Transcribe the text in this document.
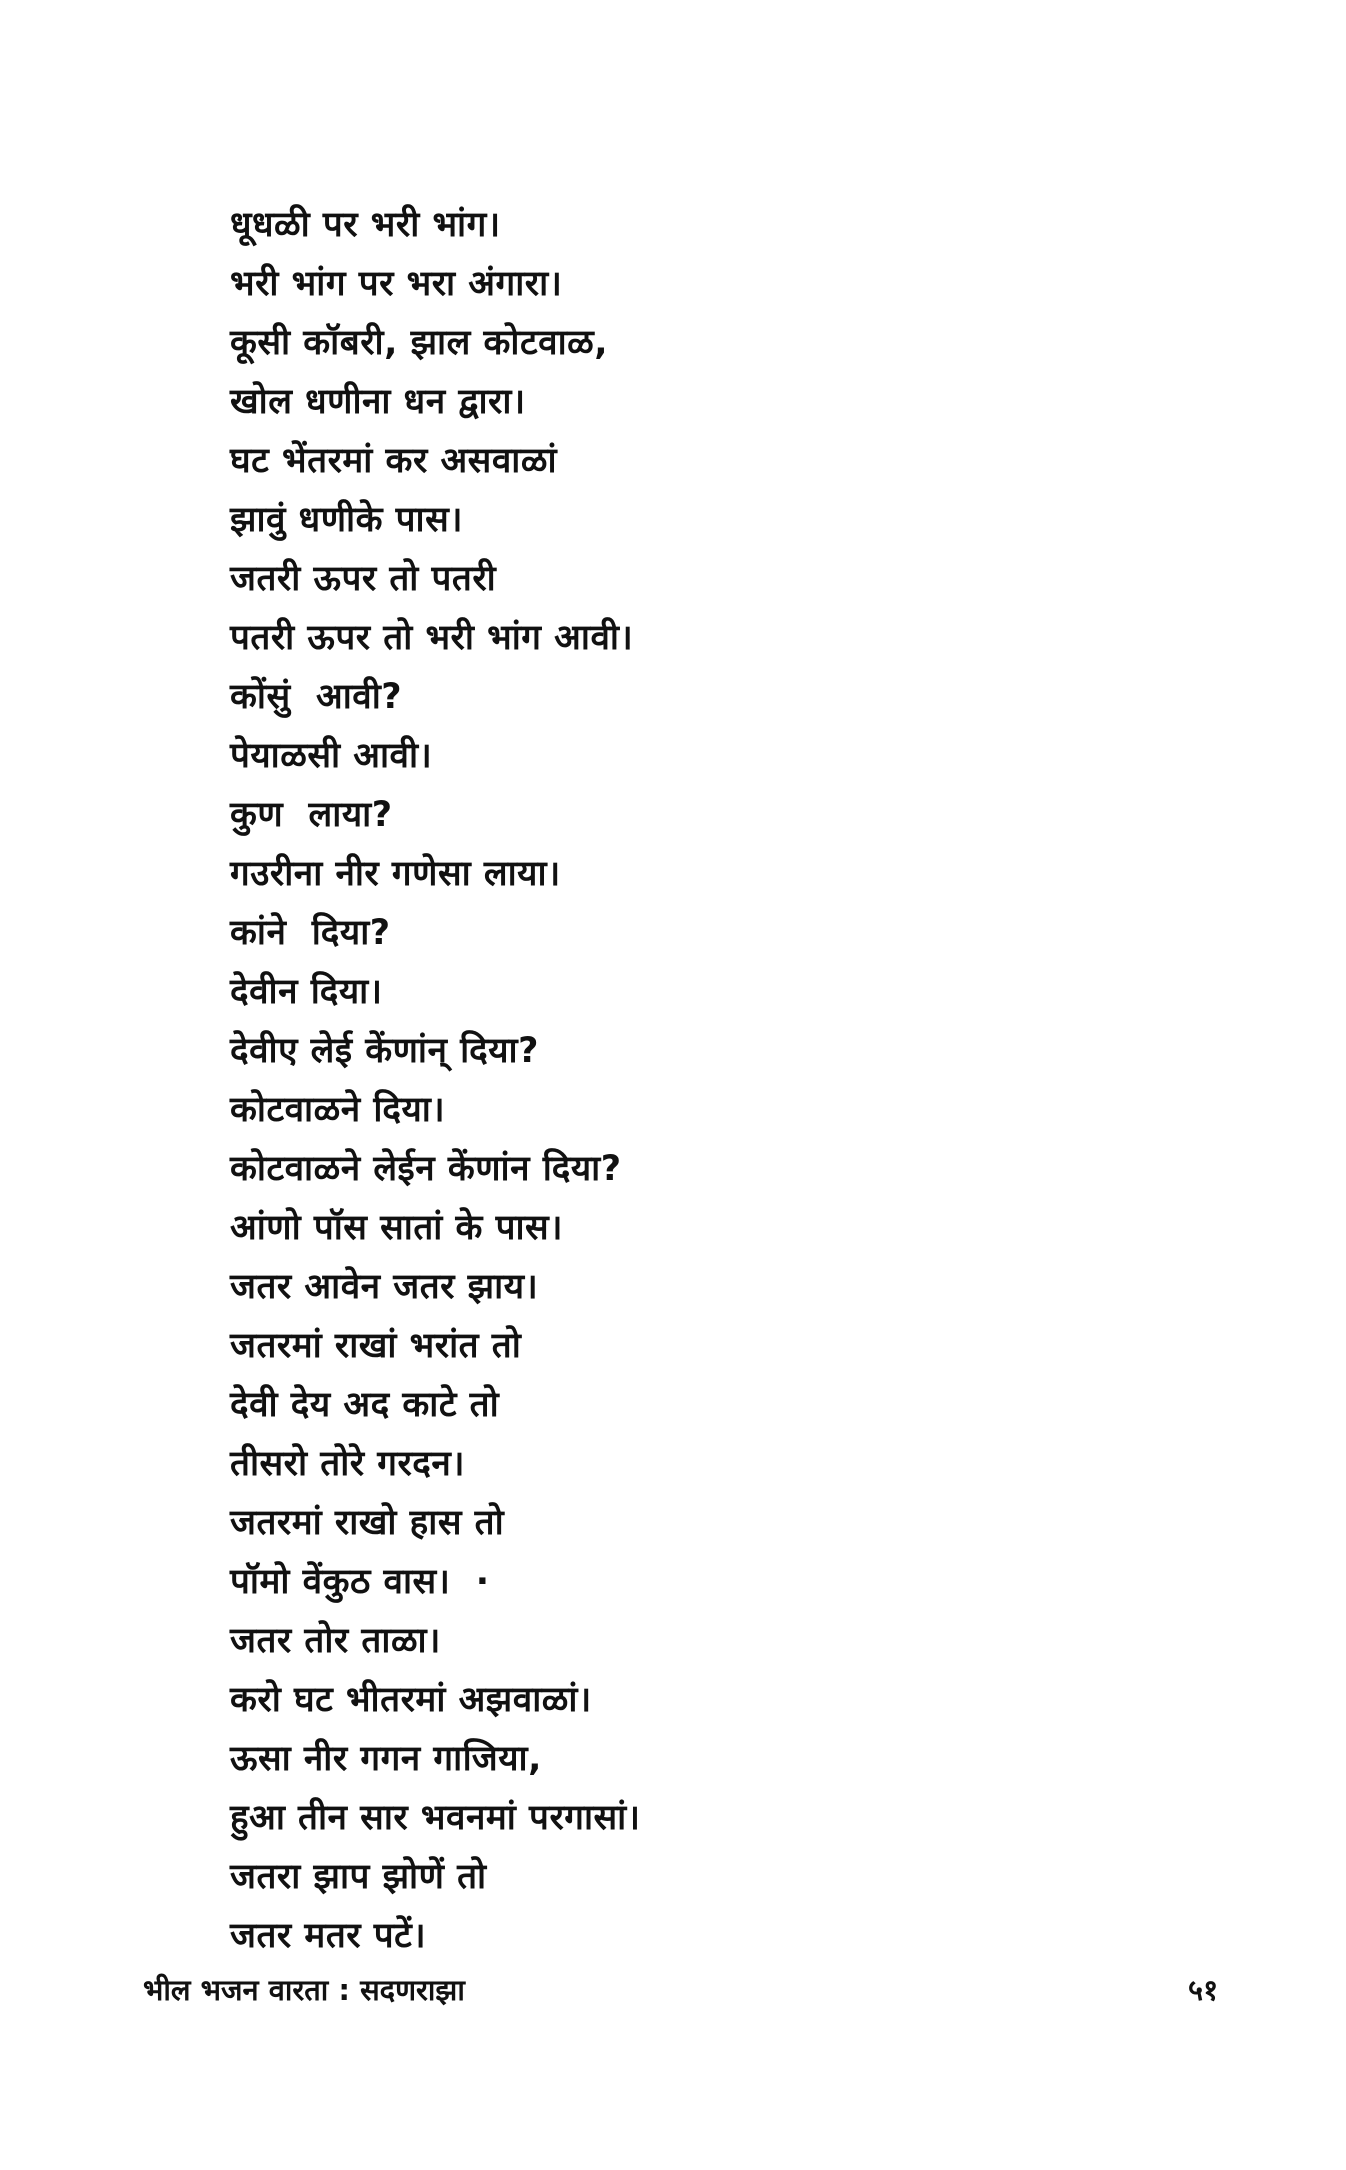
धूधळी पर भरी भांग।
भरी भांग पर भरा अंगारा।
कूसी कॉबरी, झाल कोटवाळ,
खोल धणीना धन द्वारा।
घट भेंतरमां कर असवाळां
झावुं धणीके पास।
जतरी ऊपर तो पतरी
पतरी ऊपर तो भरी भांग आवी।
कोंसुं  आवी?
पेयाळसी आवी।
कुण  लाया?
गउरीना नीर गणेसा लाया।
कांने  दिया?
देवीन दिया।
देवीए लेई केंणांन् दिया?
कोटवाळने दिया।
कोटवाळने लेईन केंणांन दिया?
आंणो पॉस सातां के पास।
जतर आवेन जतर झाय।
जतरमां राखां भरांत तो
देवी देय अद काटे तो
तीसरो तोरे गरदन।
जतरमां राखो हास तो
पॉमो वेंकुठ वास।  ·
जतर तोर ताळा।
करो घट भीतरमां अझवाळां।
ऊसा नीर गगन गाजिया,
हुआ तीन सार भवनमां परगासां।
जतरा झाप झोणें तो
जतर मतर पटें।
भील भजन वारता : सदणराझा	५१
